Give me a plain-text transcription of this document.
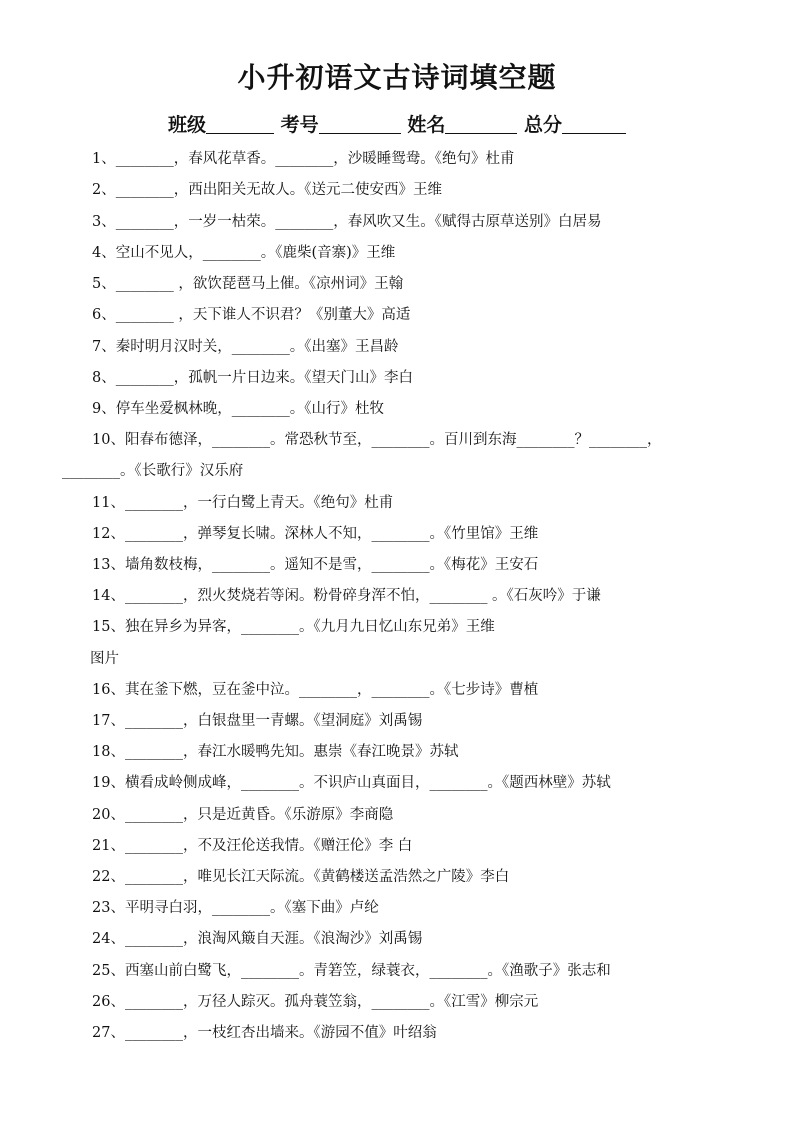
小升初语文古诗词填空题
班级	考号	姓名	总分
1、________，春风花草香。________，沙暖睡鸳鸯。《绝句》杜甫
2、________，西出阳关无故人。《送元二使安西》王维
3、________，一岁一枯荣。________，春风吹又生。《赋得古原草送别》白居易
4、空山不见人，________。《鹿柴(音寨)》王维
5、________ ，欲饮琵琶马上催。《凉州词》王翰
6、________ ，天下谁人不识君？《别董大》高适
7、秦时明月汉时关，________。《出塞》王昌龄
8、________，孤帆一片日边来。《望天门山》李白
9、停车坐爱枫林晚，________。《山行》杜牧
10、阳春布德泽，________。常恐秋节至，________。百川到东海________？________，
________。《长歌行》汉乐府
11、________，一行白鹭上青天。《绝句》杜甫
12、________，弹琴复长啸。深林人不知，________。《竹里馆》王维
13、墙角数枝梅，________。遥知不是雪，________。《梅花》王安石
14、________，烈火焚烧若等闲。粉骨碎身浑不怕，________ 。《石灰吟》于谦
15、独在异乡为异客，________。《九月九日忆山东兄弟》王维
图片
16、萁在釜下燃，豆在釜中泣。________，________。《七步诗》曹植
17、________，白银盘里一青螺。《望洞庭》刘禹锡
18、________，春江水暖鸭先知。惠崇《春江晚景》苏轼
19、横看成岭侧成峰，________。不识庐山真面目，________。《题西林壁》苏轼
20、________，只是近黄昏。《乐游原》李商隐
21、________，不及汪伦送我情。《赠汪伦》李 白
22、________，唯见长江天际流。《黄鹤楼送孟浩然之广陵》李白
23、平明寻白羽，________。《塞下曲》卢纶
24、________，浪淘风簸自天涯。《浪淘沙》刘禹锡
25、西塞山前白鹭飞，________。青箬笠，绿蓑衣，________。《渔歌子》张志和
26、________，万径人踪灭。孤舟蓑笠翁，________。《江雪》柳宗元
27、________，一枝红杏出墙来。《游园不值》叶绍翁
